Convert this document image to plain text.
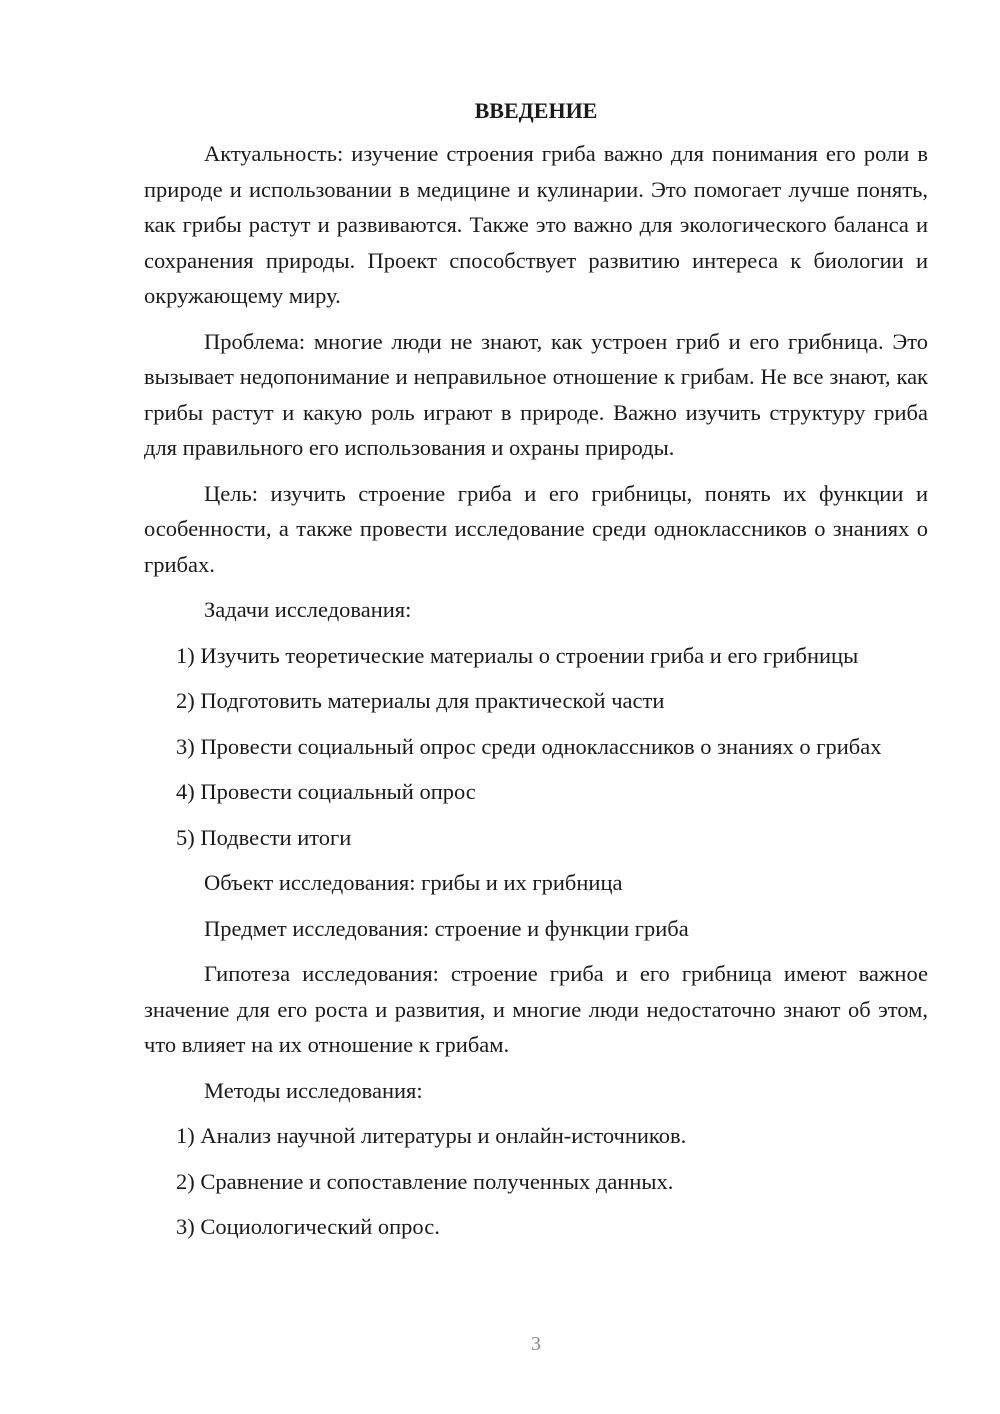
ВВЕДЕНИЕ

Актуальность: изучение строения гриба важно для понимания его роли в природе и использовании в медицине и кулинарии. Это помогает лучше понять, как грибы растут и развиваются. Также это важно для экологического баланса и сохранения природы. Проект способствует развитию интереса к биологии и окружающему миру.

Проблема: многие люди не знают, как устроен гриб и его грибница. Это вызывает недопонимание и неправильное отношение к грибам. Не все знают, как грибы растут и какую роль играют в природе. Важно изучить структуру гриба для правильного его использования и охраны природы.

Цель: изучить строение гриба и его грибницы, понять их функции и особенности, а также провести исследование среди одноклассников о знаниях о грибах.

Задачи исследования:

1) Изучить теоретические материалы о строении гриба и его грибницы

2) Подготовить материалы для практической части

3) Провести социальный опрос среди одноклассников о знаниях о грибах

4) Провести социальный опрос

5) Подвести итоги

Объект исследования: грибы и их грибница

Предмет исследования: строение и функции гриба

Гипотеза исследования: строение гриба и его грибница имеют важное значение для его роста и развития, и многие люди недостаточно знают об этом, что влияет на их отношение к грибам.

Методы исследования:

1) Анализ научной литературы и онлайн-источников.

2) Сравнение и сопоставление полученных данных.

3) Социологический опрос.

3
